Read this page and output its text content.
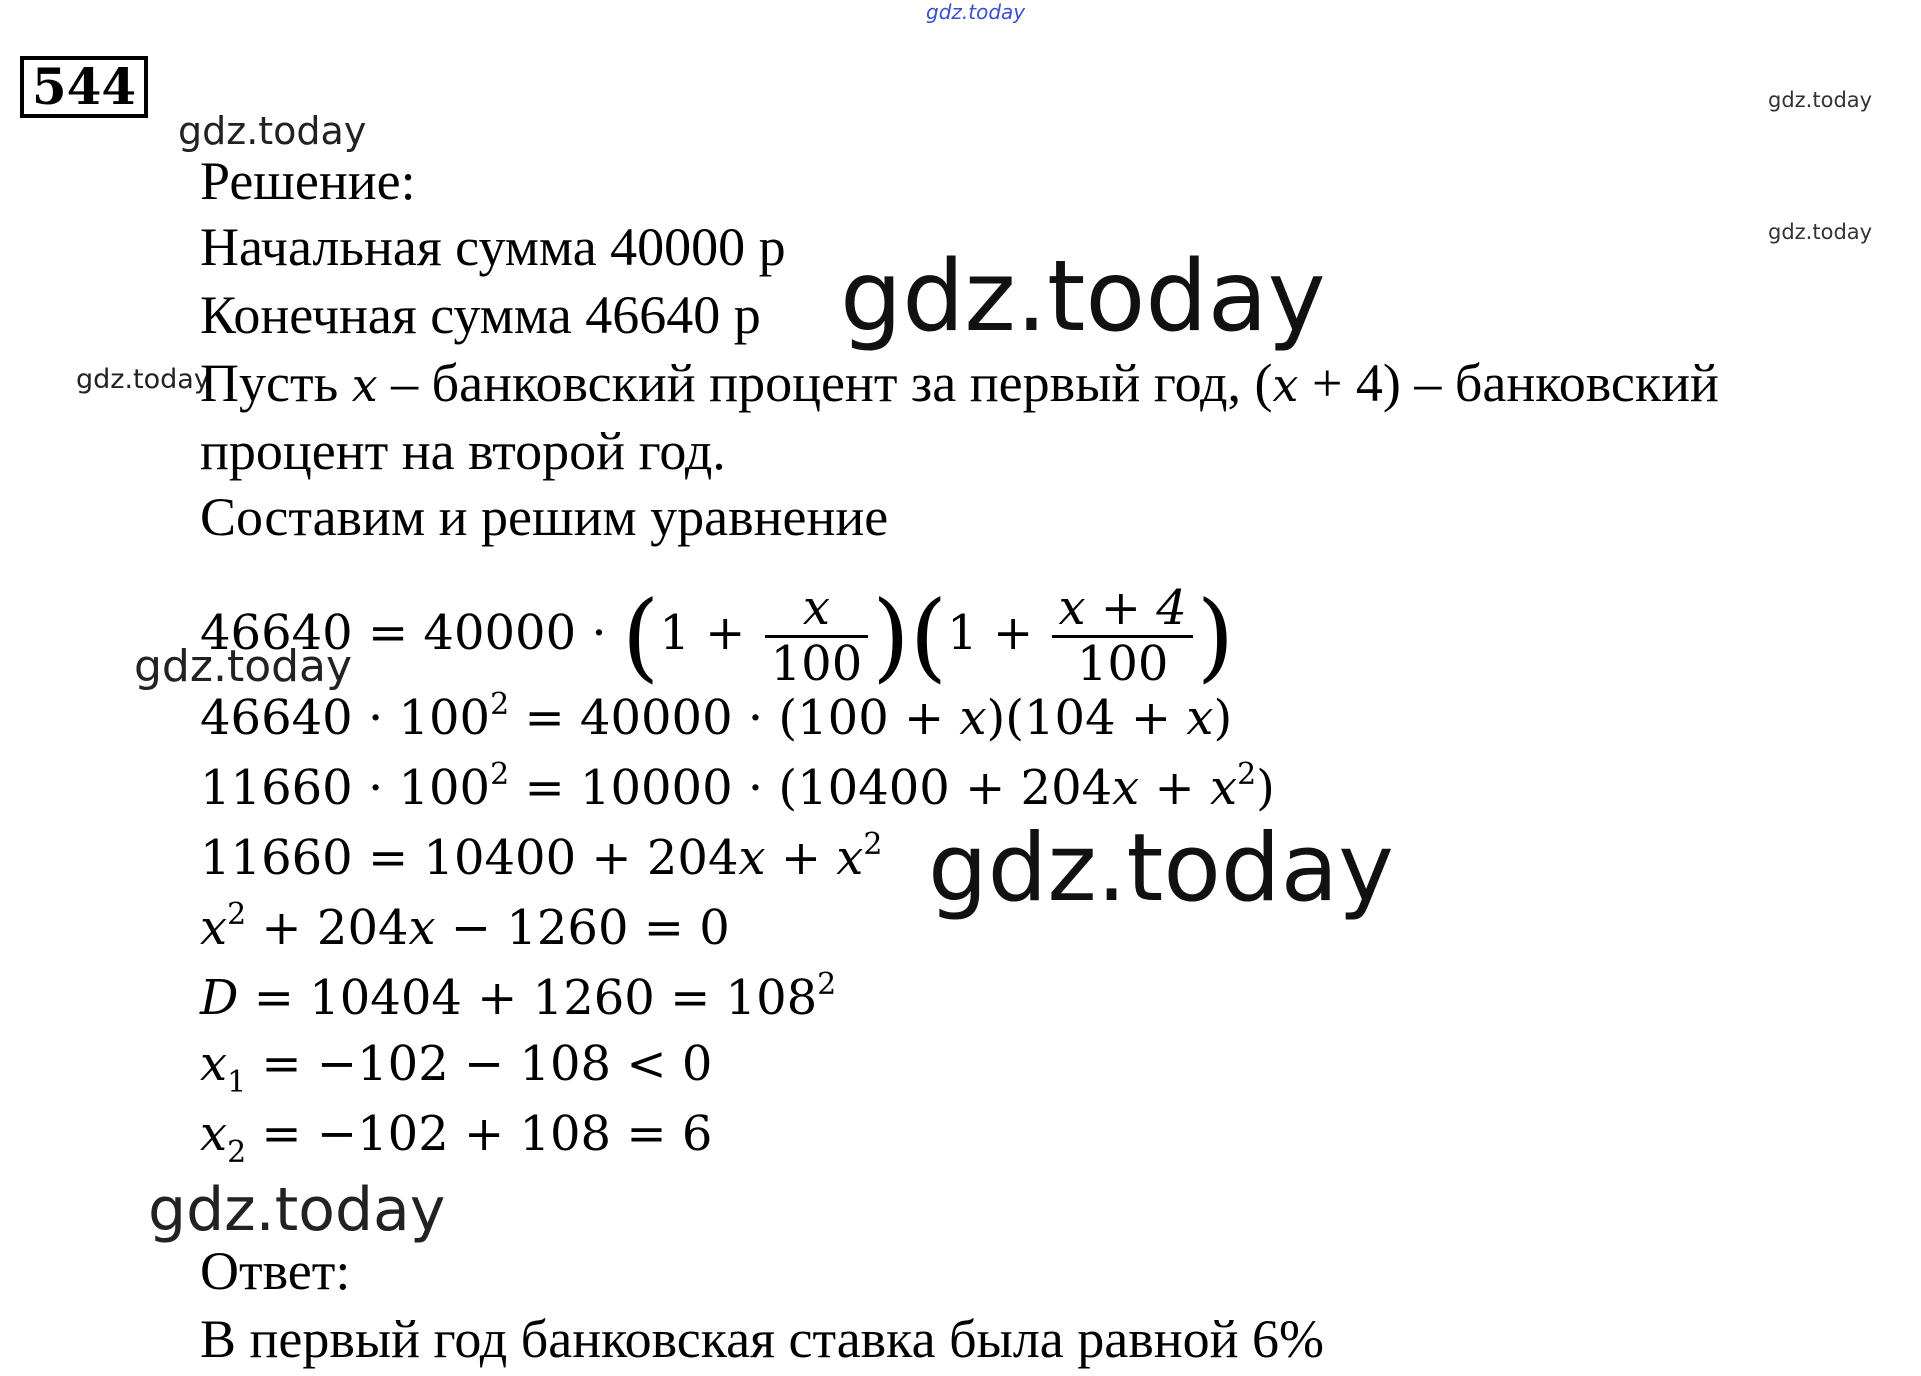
544
gdz.today
gdz.today
gdz.today
gdz.today
gdz.today
gdz.today
gdz.today
gdz.today
gdz.today
Решение:
Начальная сумма 40000 р
Конечная сумма 46640 р
Пусть x – банковский процент за первый год, (x + 4) – банковский
процент на второй год.
Составим и решим уравнение
$46640 = 40000 \cdot (1 + \frac{x}{100} )(1 + \frac{x + 4}{100}$ )
$46640 \cdot 100^2 = 40000 \cdot (100 + x)(104 + x)$
$11660 \cdot 100^2 = 10000 \cdot (10400 + 204x + x^2)$
$11660 = 10400 + 204x + x^2$
$x^2 + 204x - 1260 = 0$
$D = 10404 + 1260 = 108^2$
$x_1 = -102 - 108 < 0$
$x_2 = -102 + 108 = 6$
Ответ:
В первый год банковская ставка была равной 6%
